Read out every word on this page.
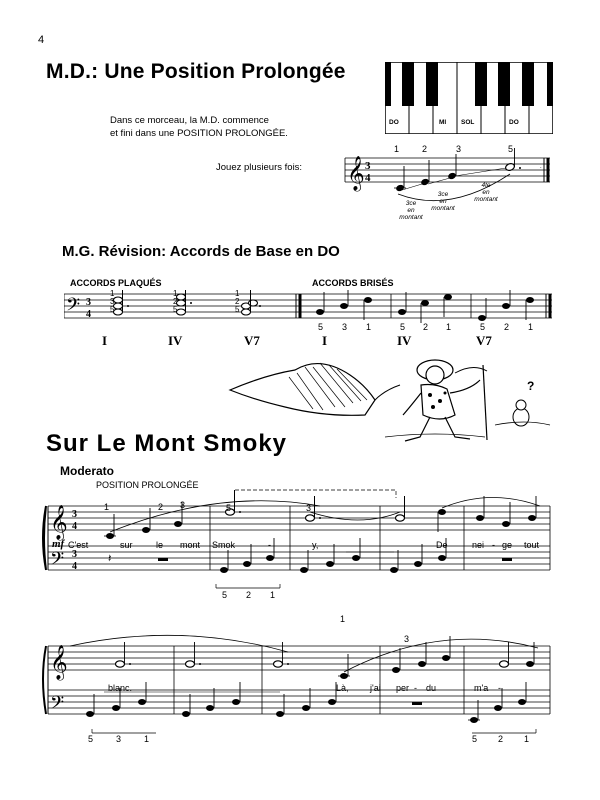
4
M.D.: Une Position Prolongée
Dans ce morceau, la M.D. commence
et fini dans une POSITION PROLONGÉE.
DO	MI SOL	DO
Jouez plusieurs fois: 𝄞 3
4
.
1	2	3	5
3ce
en
montant
3ce
en
montant
4te
en
montant
M.G. Révision: Accords de Base en DO
ACCORDS PLAQUÉS	ACCORDS BRISÉS
𝄢 3
4
1
3
5
1
2
5
1
2
5
5 3 1	5 2 1	5 2 1
I	IV	V7	I	IV	V7
?
Sur Le Mont Smoky
Moderato
POSITION PROLONGÉE
𝄞
𝄢
3
4
3
4
𝄽
1	2 3	5	3
mf C'est	sur	le mont Smok	-	y,	De	nei - ge tout
5 2 1
𝄞
𝄢
1
3
blanc.	Là, j'ai per - du	m'a -
5	3	1	5 2 1
